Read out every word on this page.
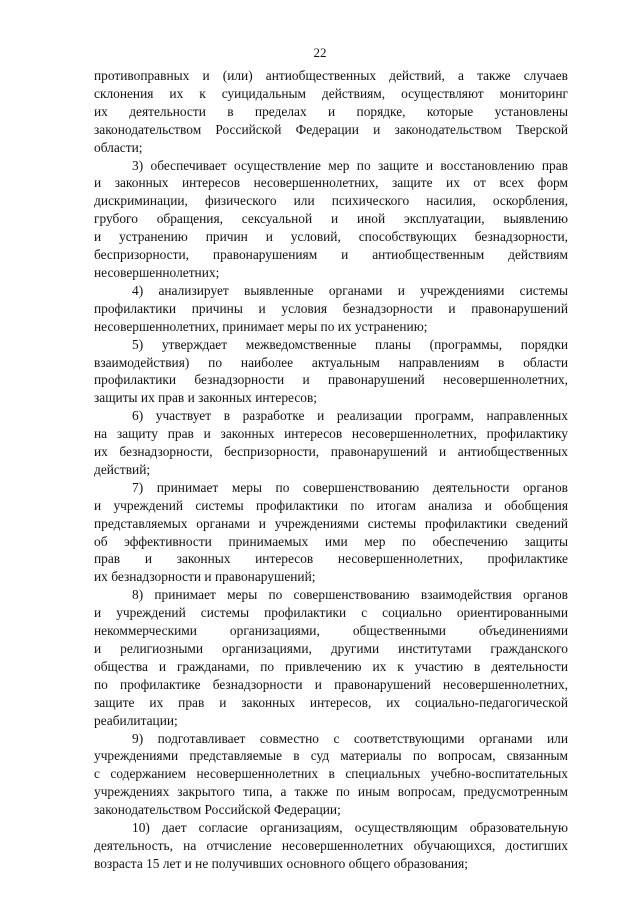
22

противоправных и (или) антиобщественных действий, а также случаев
склонения их к суицидальным действиям, осуществляют мониторинг
их деятельности в пределах и порядке, которые установлены
законодательством Российской Федерации и законодательством Тверской
области;

3) обеспечивает осуществление мер по защите и восстановлению прав
и законных интересов несовершеннолетних, защите их от всех форм
дискриминации, физического или психического насилия, оскорбления,
грубого обращения, сексуальной и иной эксплуатации, выявлению
и устранению причин и условий, способствующих безнадзорности,
беспризорности, правонарушениям и антиобщественным действиям
несовершеннолетних;

4) анализирует выявленные органами и учреждениями системы
профилактики причины и условия безнадзорности и правонарушений
несовершеннолетних, принимает меры по их устранению;

5) утверждает межведомственные планы (программы, порядки
взаимодействия) по наиболее актуальным направлениям в области
профилактики безнадзорности и правонарушений несовершеннолетних,
защиты их прав и законных интересов;

6) участвует в разработке и реализации программ, направленных
на защиту прав и законных интересов несовершеннолетних, профилактику
их безнадзорности, беспризорности, правонарушений и антиобщественных
действий;

7) принимает меры по совершенствованию деятельности органов
и учреждений системы профилактики по итогам анализа и обобщения
представляемых органами и учреждениями системы профилактики сведений
об эффективности принимаемых ими мер по обеспечению защиты
прав и законных интересов несовершеннолетних, профилактике
их безнадзорности и правонарушений;

8) принимает меры по совершенствованию взаимодействия органов
и учреждений системы профилактики с социально ориентированными
некоммерческими организациями, общественными объединениями
и религиозными организациями, другими институтами гражданского
общества и гражданами, по привлечению их к участию в деятельности
по профилактике безнадзорности и правонарушений несовершеннолетних,
защите их прав и законных интересов, их социально-педагогической
реабилитации;

9) подготавливает совместно с соответствующими органами или
учреждениями представляемые в суд материалы по вопросам, связанным
с содержанием несовершеннолетних в специальных учебно-воспитательных
учреждениях закрытого типа, а также по иным вопросам, предусмотренным
законодательством Российской Федерации;

10) дает согласие организациям, осуществляющим образовательную
деятельность, на отчисление несовершеннолетних обучающихся, достигших
возраста 15 лет и не получивших основного общего образования;
